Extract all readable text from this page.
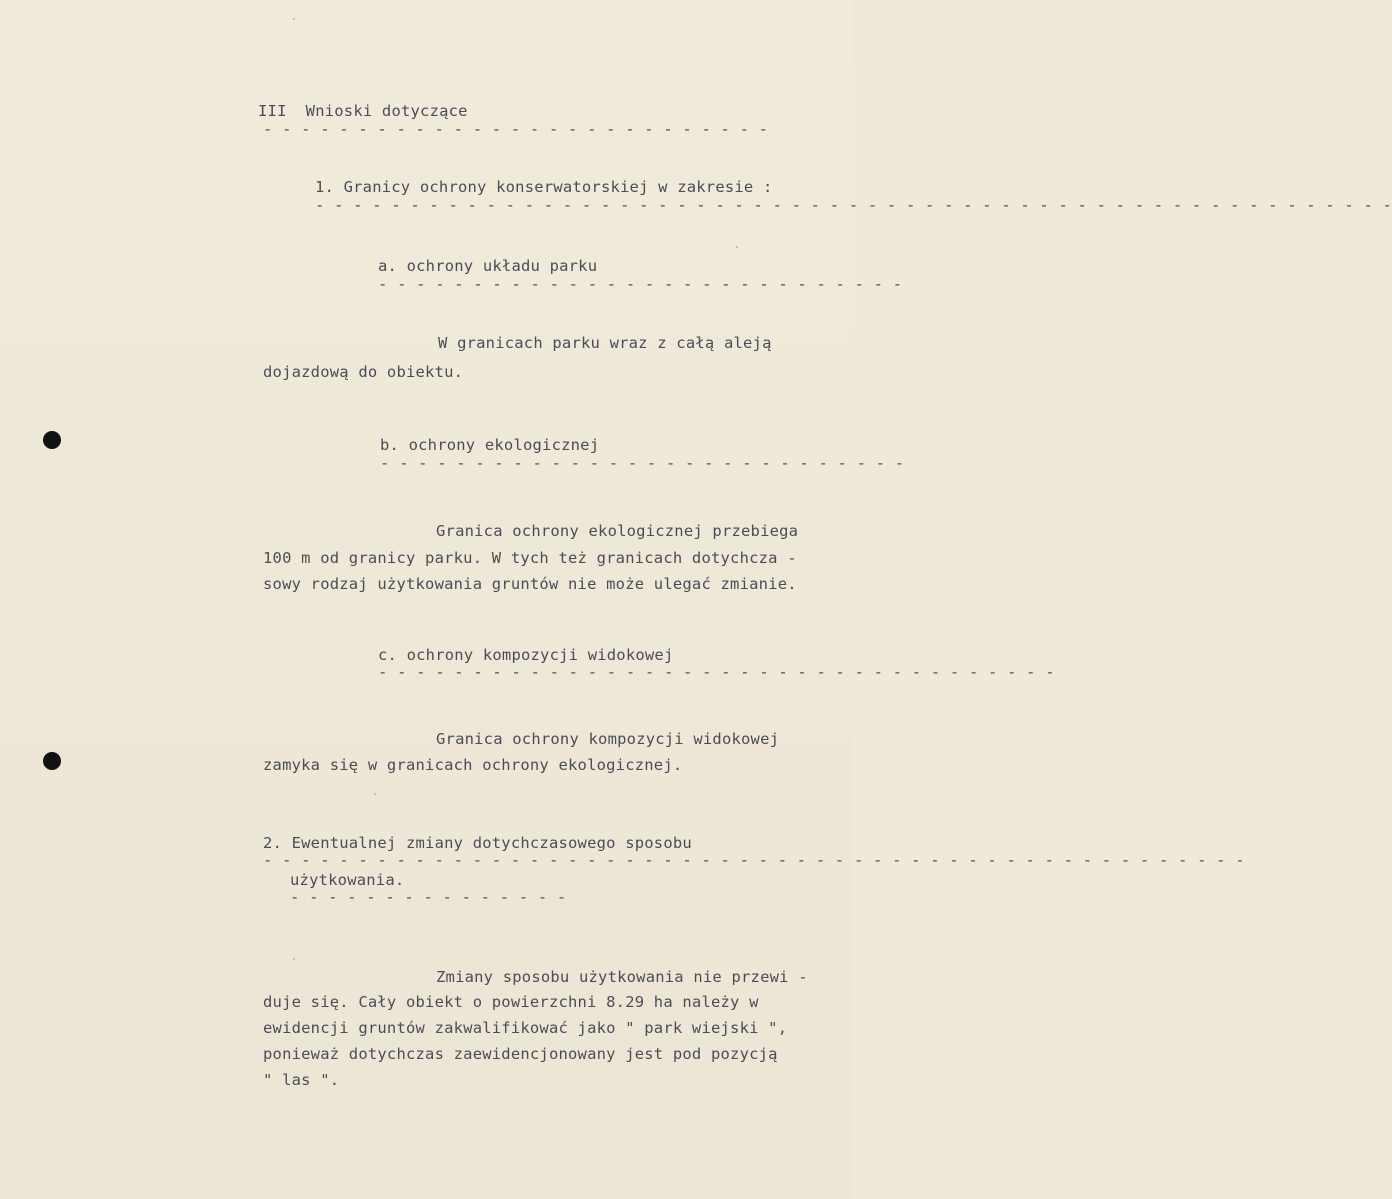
III  Wnioski dotyczące
- - - - - - - - - - - - - - - - - - - - - - - - - - -
1. Granicy ochrony konserwatorskiej w zakresie :
- - - - - - - - - - - - - - - - - - - - - - - - - - - - - - - - - - - - - - - - - - - - - - - - - - - - - - - - -
a. ochrony układu parku
- - - - - - - - - - - - - - - - - - - - - - - - - - - -
W granicach parku wraz z całą aleją
dojazdową do obiektu.
b. ochrony ekologicznej
- - - - - - - - - - - - - - - - - - - - - - - - - - - -
Granica ochrony ekologicznej przebiega
100 m od granicy parku. W tych też granicach dotychcza -
sowy rodzaj użytkowania gruntów nie może ulegać zmianie.
c. ochrony kompozycji widokowej
- - - - - - - - - - - - - - - - - - - - - - - - - - - - - - - - - - - -
Granica ochrony kompozycji widokowej
zamyka się w granicach ochrony ekologicznej.
2. Ewentualnej zmiany dotychczasowego sposobu
- - - - - - - - - - - - - - - - - - - - - - - - - - - - - - - - - - - - - - - - - - - - - - - - - - - -
użytkowania.
- - - - - - - - - - - - - - -
Zmiany sposobu użytkowania nie przewi -
duje się. Cały obiekt o powierzchni 8.29 ha należy w
ewidencji gruntów zakwalifikować jako " park wiejski ",
ponieważ dotychczas zaewidencjonowany jest pod pozycją
" las ".
